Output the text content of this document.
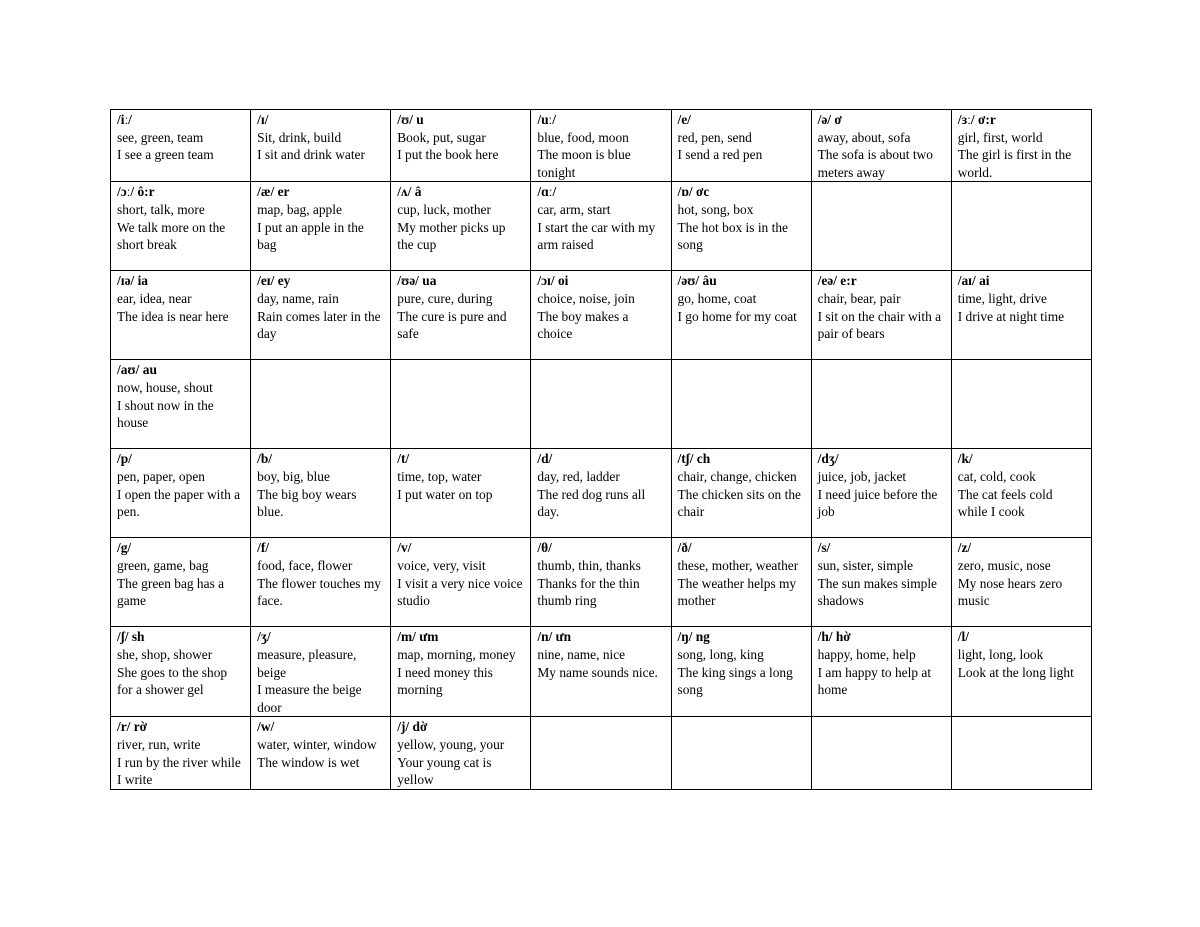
/iː/
see, green, team
I see a green team	/ɪ/
Sit, drink, build
I sit and drink water	/ʊ/ u
Book, put, sugar
I put the book here	/uː/
blue, food, moon
The moon is blue tonight	/e/
red, pen, send
I send a red pen	/ə/ ơ
away, about, sofa
The sofa is about two meters away	/ɜː/ ơ:r
girl, first, world
The girl is first in the world.

/ɔː/ ô:r
short, talk, more
We talk more on the short break	/æ/ er
map, bag, apple
I put an apple in the bag	/ʌ/ â
cup, luck, mother
My mother picks up the cup	/ɑː/
car, arm, start
I start the car with my arm raised	/ɒ/ ơc
hot, song, box
The hot box is in the song		

/ɪə/ ia
ear, idea, near
The idea is near here	/eɪ/ ey
day, name, rain
Rain comes later in the day	/ʊə/ ua
pure, cure, during
The cure is pure and safe	/ɔɪ/ oi
choice, noise, join
The boy makes a choice	/əʊ/ âu
go, home, coat
I go home for my coat	/eə/ e:r
chair, bear, pair
I sit on the chair with a pair of bears	/aɪ/ ai
time, light, drive
I drive at night time

/aʊ/ au
now, house, shout
I shout now in the house						

/p/
pen, paper, open
I open the paper with a pen.	/b/
boy, big, blue
The big boy wears blue.	/t/
time, top, water
I put water on top	/d/
day, red, ladder
The red dog runs all day.	/tʃ/ ch
chair, change, chicken
The chicken sits on the chair	/dʒ/
juice, job, jacket
I need juice before the job	/k/
cat, cold, cook
The cat feels cold while I cook

/g/
green, game, bag
The green bag has a game	/f/
food, face, flower
The flower touches my face.	/v/
voice, very, visit
I visit a very nice voice studio	/θ/
thumb, thin, thanks
Thanks for the thin thumb ring	/ð/
these, mother, weather
The weather helps my mother	/s/
sun, sister, simple
The sun makes simple shadows	/z/
zero, music, nose
My nose hears zero music

/ʃ/ sh
she, shop, shower
She goes to the shop for a shower gel	/ʒ/
measure, pleasure, beige
I measure the beige door	/m/ ưm
map, morning, money
I need money this morning	/n/ ưn
nine, name, nice
My name sounds nice.	/ŋ/ ng
song, long, king
The king sings a long song	/h/ hờ
happy, home, help
I am happy to help at home	/l/
light, long, look
Look at the long light

/r/ rờ
river, run, write
I run by the river while I write	/w/
water, winter, window
The window is wet	/j/ dờ
yellow, young, your
Your young cat is yellow				
